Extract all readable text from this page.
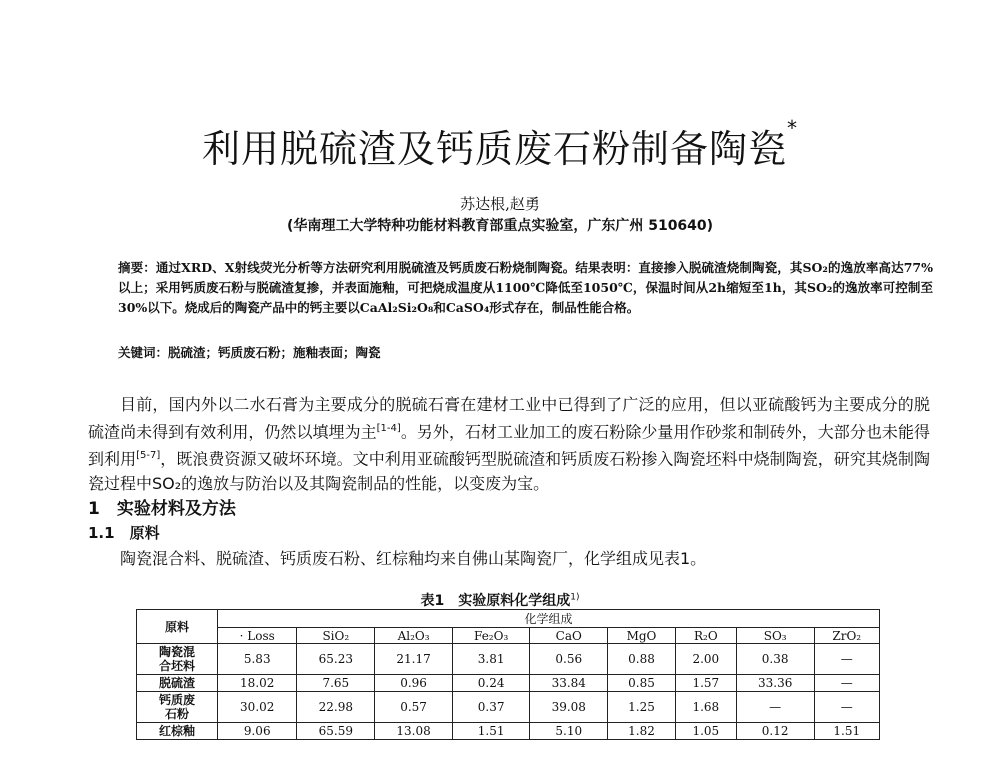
利用脱硫渣及钙质废石粉制备陶瓷*
苏达根,赵勇
(华南理工大学特种功能材料教育部重点实验室，广东广州 510640)
摘要：通过XRD、X射线荧光分析等方法研究利用脱硫渣及钙质废石粉烧制陶瓷。结果表明：直接掺入脱硫渣烧制陶瓷，其SO₂的逸放率高达77%以上；采用钙质废石粉与脱硫渣复掺，并表面施釉，可把烧成温度从1100℃降低至1050℃，保温时间从2h缩短至1h，其SO₂的逸放率可控制至30%以下。烧成后的陶瓷产品中的钙主要以CaAl₂Si₂O₈和CaSO₄形式存在，制品性能合格。
关键词：脱硫渣；钙质废石粉；施釉表面；陶瓷

目前，国内外以二水石膏为主要成分的脱硫石膏在建材工业中已得到了广泛的应用，但以亚硫酸钙为主要成分的脱硫渣尚未得到有效利用，仍然以填埋为主[1-4]。另外，石材工业加工的废石粉除少量用作砂浆和制砖外，大部分也未能得到利用[5-7]，既浪费资源又破坏环境。文中利用亚硫酸钙型脱硫渣和钙质废石粉掺入陶瓷坯料中烧制陶瓷，研究其烧制陶瓷过程中SO₂的逸放与防治以及其陶瓷制品的性能，以变废为宝。

1　实验材料及方法
1.1　原料
陶瓷混合料、脱硫渣、钙质废石粉、红棕釉均来自佛山某陶瓷厂，化学组成见表1。
表1　实验原料化学组成$^{1)}$
原料	化学组成								
	· Loss	SiO₂	Al₂O₃	Fe₂O₃	CaO	MgO	R₂O	SO₃	ZrO₂
陶瓷混
合坯料	5.83	65.23	21.17	3.81	0.56	0.88	2.00	0.38	—
脱硫渣	18.02	7.65	0.96	0.24	33.84	0.85	1.57	33.36	—
钙质废
石粉	30.02	22.98	0.57	0.37	39.08	1.25	1.68	—	—
红棕釉	9.06	65.59	13.08	1.51	5.10	1.82	1.05	0.12	1.51
